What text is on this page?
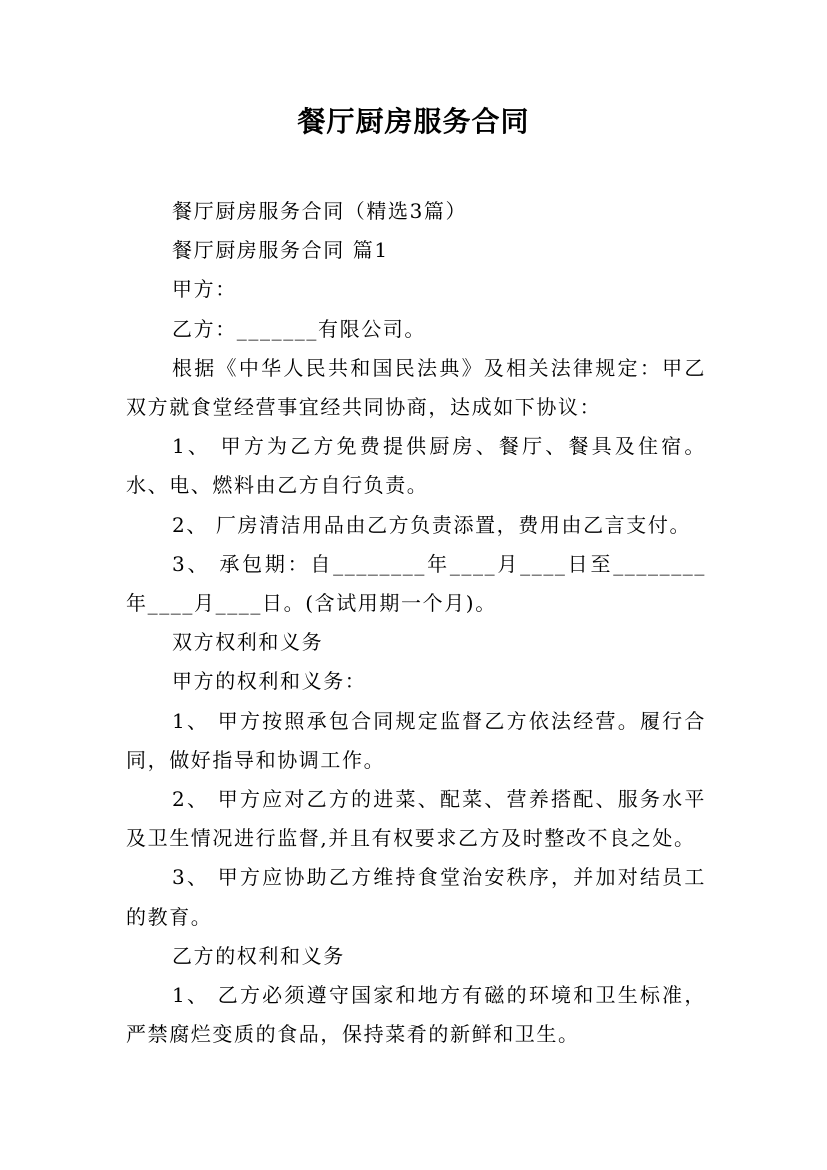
餐厅厨房服务合同

餐厅厨房服务合同（精选3篇）

餐厅厨房服务合同 篇1

甲方：

乙方：_______有限公司。

根据《中华人民共和国民法典》及相关法律规定：甲乙双方就食堂经营事宜经共同协商，达成如下协议：

1、 甲方为乙方免费提供厨房、餐厅、餐具及住宿。水、电、燃料由乙方自行负责。

2、 厂房清洁用品由乙方负责添置，费用由乙言支付。

3、 承包期：自________年____月____日至________年____月____日。(含试用期一个月)。

双方权利和义务

甲方的权利和义务：

1、 甲方按照承包合同规定监督乙方依法经营。履行合同，做好指导和协调工作。

2、 甲方应对乙方的进菜、配菜、营养搭配、服务水平及卫生情况进行监督,并且有权要求乙方及时整改不良之处。

3、 甲方应协助乙方维持食堂治安秩序，并加对结员工的教育。

乙方的权利和义务

1、 乙方必须遵守国家和地方有磁的环境和卫生标准，严禁腐烂变质的食品，保持菜肴的新鲜和卫生。
